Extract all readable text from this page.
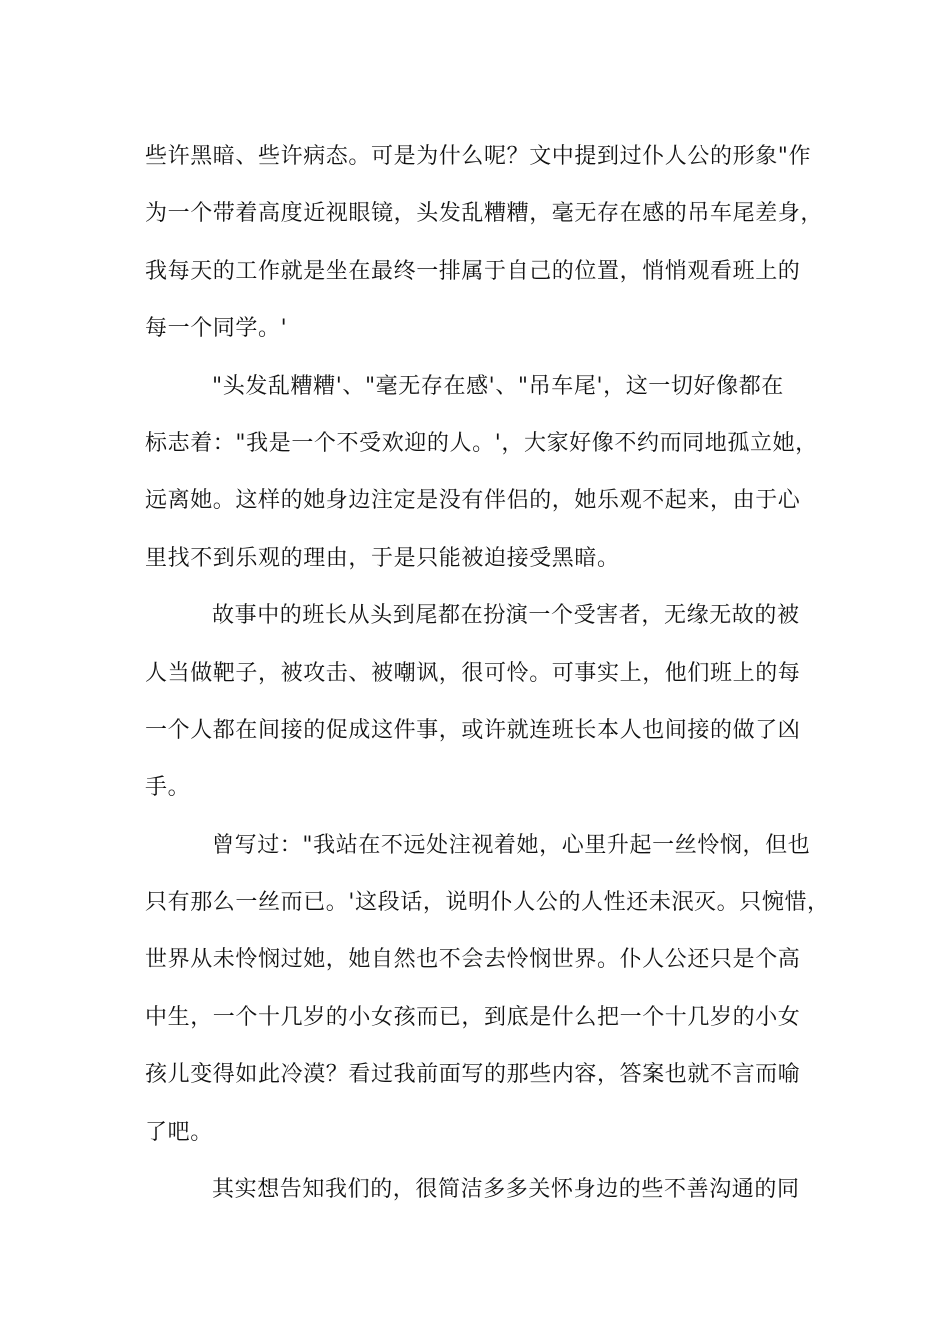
些许黑暗、些许病态。可是为什么呢？文中提到过仆人公的形象"作
为一个带着高度近视眼镜，头发乱糟糟，毫无存在感的吊车尾差身，
我每天的工作就是坐在最终一排属于自己的位置，悄悄观看班上的
每一个同学。'
"头发乱糟糟'、"毫无存在感'、"吊车尾'，这一切好像都在
标志着："我是一个不受欢迎的人。'，大家好像不约而同地孤立她，
远离她。这样的她身边注定是没有伴侣的，她乐观不起来，由于心
里找不到乐观的理由，于是只能被迫接受黑暗。
故事中的班长从头到尾都在扮演一个受害者，无缘无故的被
人当做靶子，被攻击、被嘲讽，很可怜。可事实上，他们班上的每
一个人都在间接的促成这件事，或许就连班长本人也间接的做了凶
手。
曾写过："我站在不远处注视着她，心里升起一丝怜悯，但也
只有那么一丝而已。'这段话，说明仆人公的人性还未泯灭。只惋惜，
世界从未怜悯过她，她自然也不会去怜悯世界。仆人公还只是个高
中生，一个十几岁的小女孩而已，到底是什么把一个十几岁的小女
孩儿变得如此冷漠？看过我前面写的那些内容，答案也就不言而喻
了吧。
其实想告知我们的，很简洁多多关怀身边的些不善沟通的同
